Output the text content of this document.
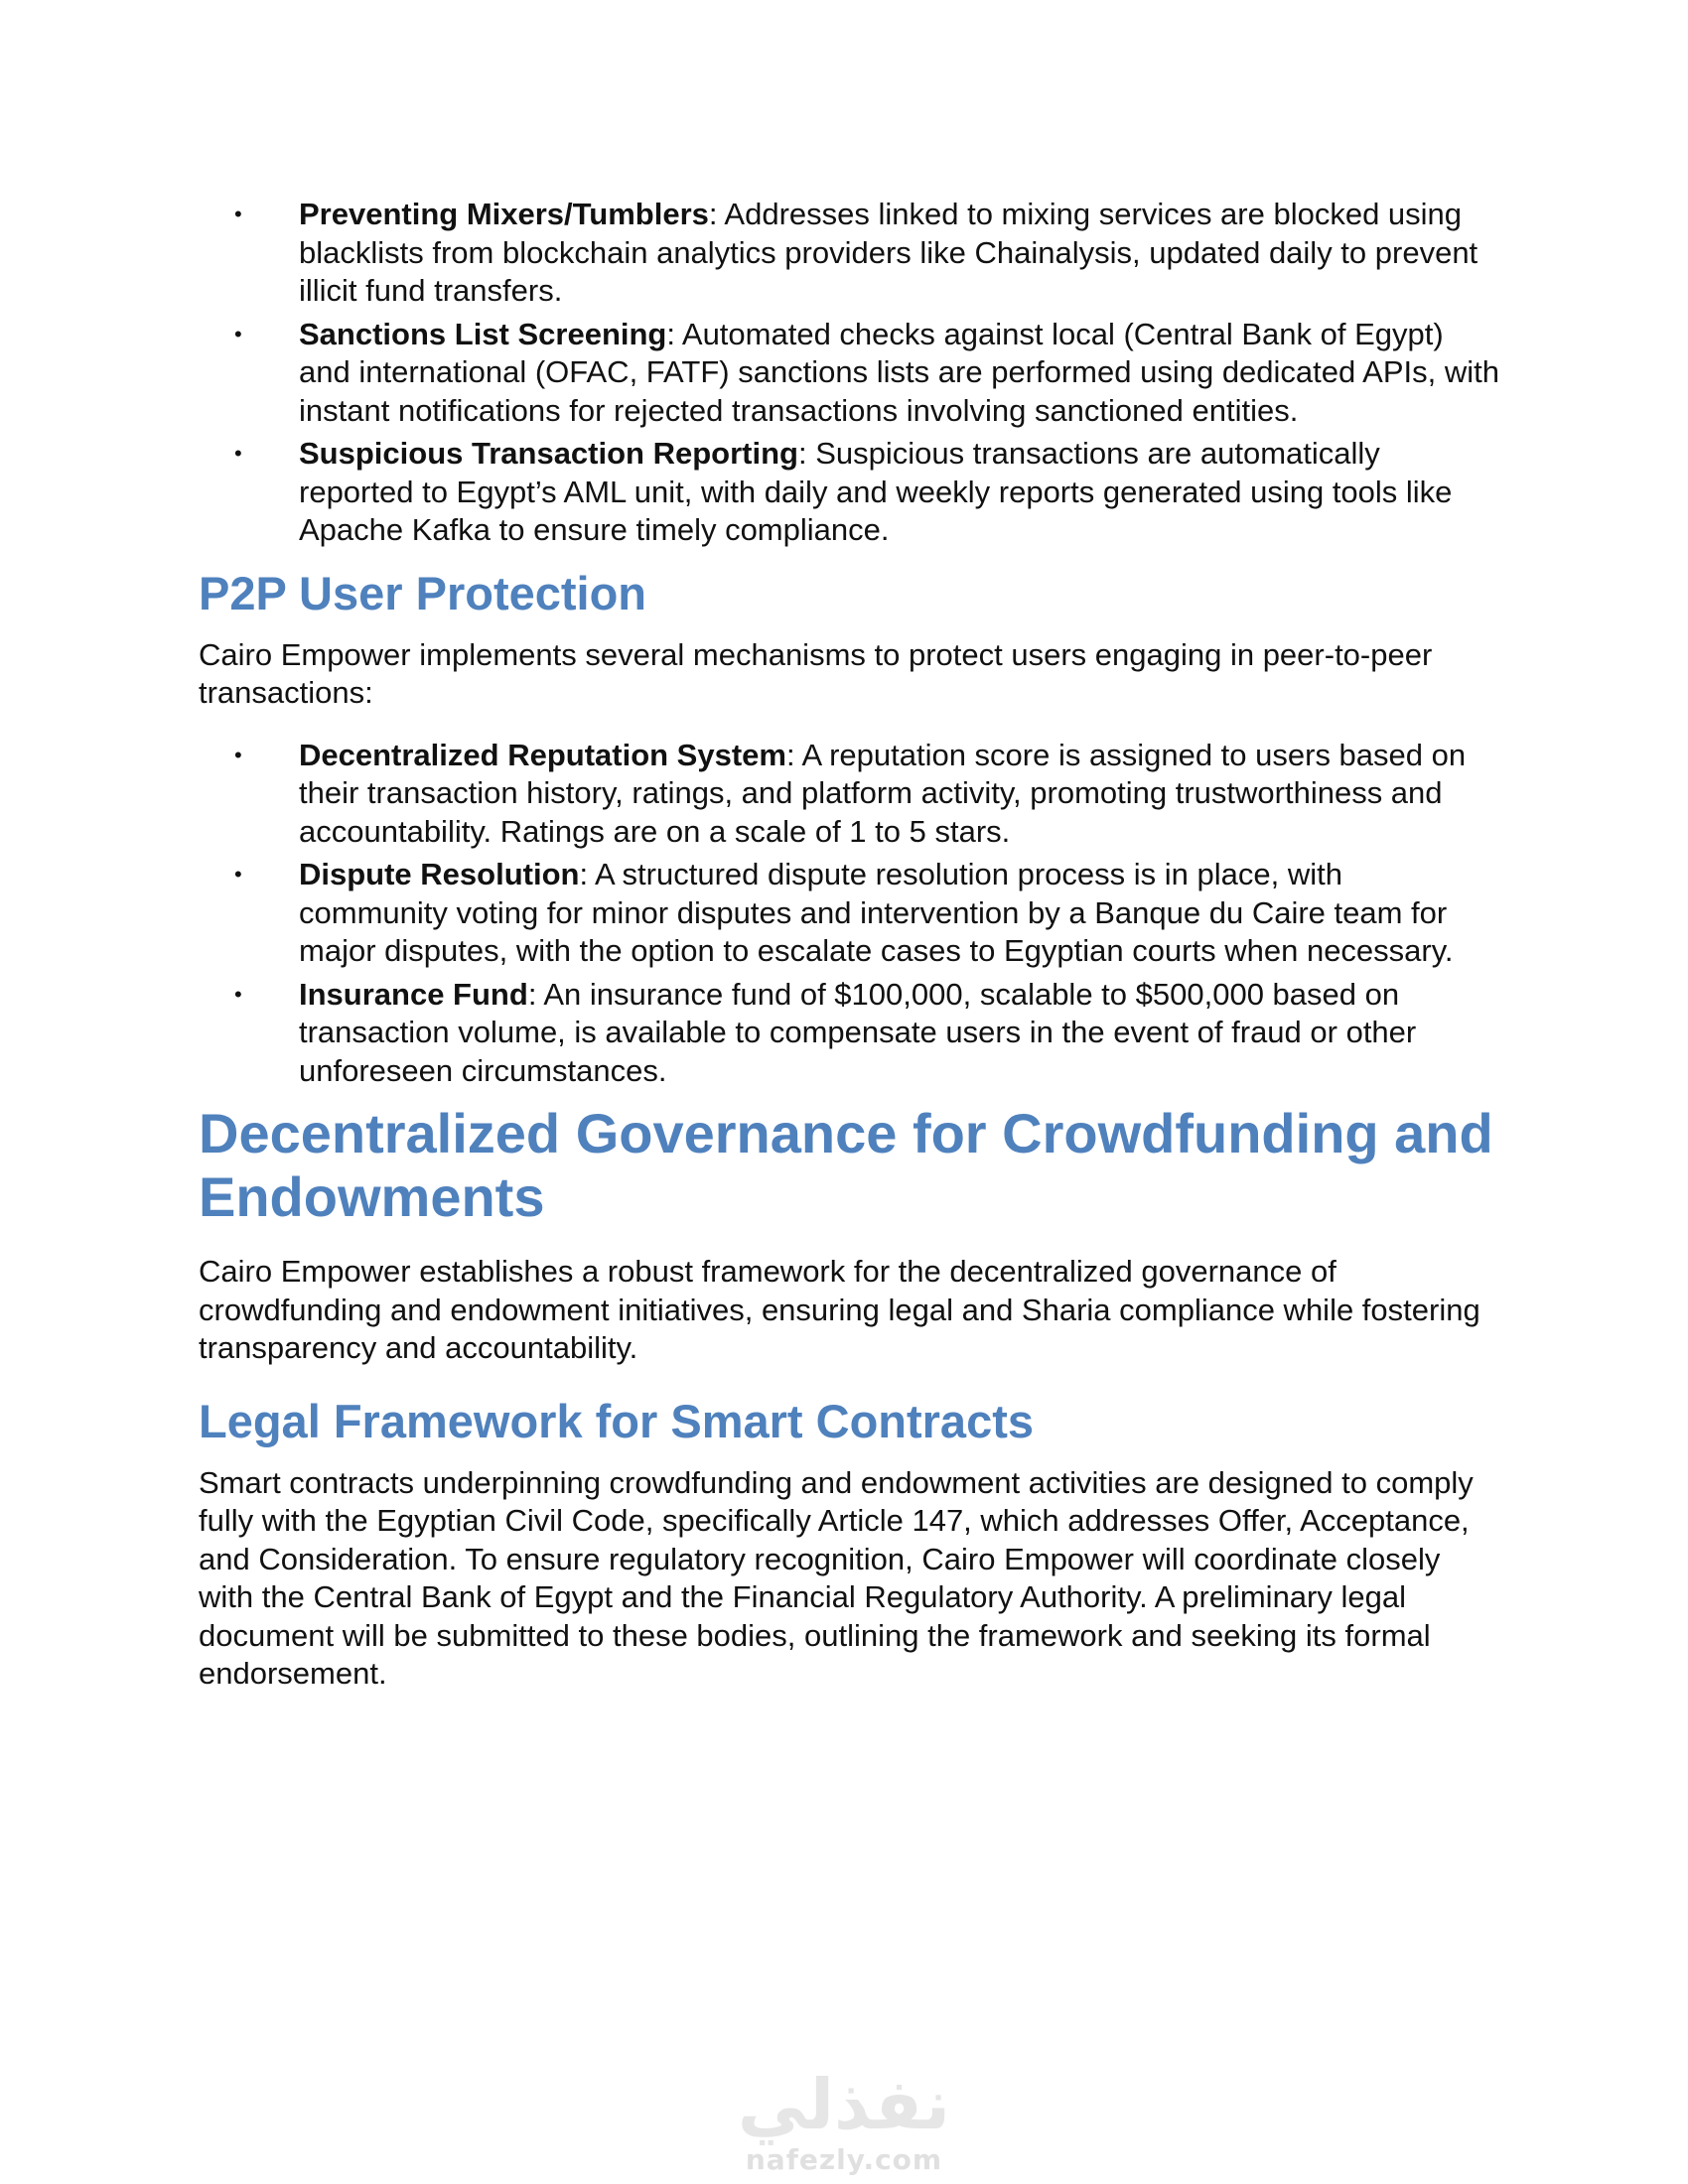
• Preventing Mixers/Tumblers: Addresses linked to mixing services are blocked using blacklists from blockchain analytics providers like Chainalysis, updated daily to prevent illicit fund transfers.
• Sanctions List Screening: Automated checks against local (Central Bank of Egypt) and international (OFAC, FATF) sanctions lists are performed using dedicated APIs, with instant notifications for rejected transactions involving sanctioned entities.
• Suspicious Transaction Reporting: Suspicious transactions are automatically reported to Egypt’s AML unit, with daily and weekly reports generated using tools like Apache Kafka to ensure timely compliance.
P2P User Protection

Cairo Empower implements several mechanisms to protect users engaging in peer-to-peer transactions:

• Decentralized Reputation System: A reputation score is assigned to users based on their transaction history, ratings, and platform activity, promoting trustworthiness and accountability. Ratings are on a scale of 1 to 5 stars.
• Dispute Resolution: A structured dispute resolution process is in place, with community voting for minor disputes and intervention by a Banque du Caire team for major disputes, with the option to escalate cases to Egyptian courts when necessary.
• Insurance Fund: An insurance fund of $100,000, scalable to $500,000 based on transaction volume, is available to compensate users in the event of fraud or other unforeseen circumstances.
Decentralized Governance for Crowdfunding and Endowments

Cairo Empower establishes a robust framework for the decentralized governance of crowdfunding and endowment initiatives, ensuring legal and Sharia compliance while fostering transparency and accountability.

Legal Framework for Smart Contracts

Smart contracts underpinning crowdfunding and endowment activities are designed to comply fully with the Egyptian Civil Code, specifically Article 147, which addresses Offer, Acceptance, and Consideration. To ensure regulatory recognition, Cairo Empower will coordinate closely with the Central Bank of Egypt and the Financial Regulatory Authority. A preliminary legal document will be submitted to these bodies, outlining the framework and seeking its formal endorsement.

نفذلي
nafezly.com
